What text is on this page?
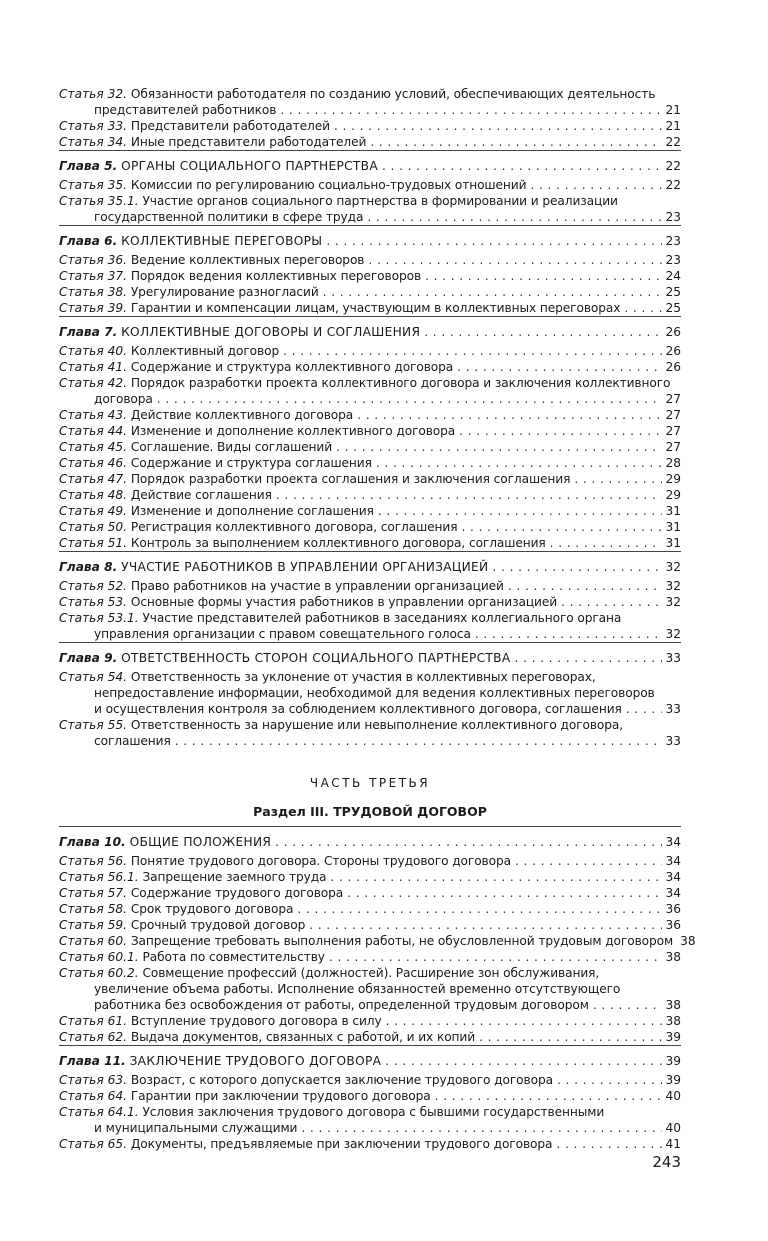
Статья 32.
Обязанности работодателя по созданию условий, обеспечивающих деятельность
представителей работников . . .	21
Статья 33.
Представители работодателей . . .	21
Статья 34.
Иные представители работодателей . . .	22
Глава 5.
ОРГАНЫ СОЦИАЛЬНОГО ПАРТНЕРСТВА . . .	22
Статья 35.
Комиссии по регулированию социально-трудовых отношений . . .	22
Статья 35.1.
Участие органов социального партнерства в формировании и реализации
государственной политики в сфере труда . . .	23
Глава 6.
КОЛЛЕКТИВНЫЕ ПЕРЕГОВОРЫ . . .	23
Статья 36.
Ведение коллективных переговоров . . .	23
Статья 37.
Порядок ведения коллективных переговоров . . .	24
Статья 38.
Урегулирование разногласий . . .	25
Статья 39.
Гарантии и компенсации лицам, участвующим в коллективных переговорах . . .	25
Глава 7.
КОЛЛЕКТИВНЫЕ ДОГОВОРЫ И СОГЛАШЕНИЯ . . .	26
Статья 40.
Коллективный договор . . .	26
Статья 41.
Содержание и структура коллективного договора . . .	26
Статья 42.
Порядок разработки проекта коллективного договора и заключения коллективного
договора . . .	27
Статья 43.
Действие коллективного договора . . .	27
Статья 44.
Изменение и дополнение коллективного договора . . .	27
Статья 45.
Соглашение. Виды соглашений . . .	27
Статья 46.
Содержание и структура соглашения . . .	28
Статья 47.
Порядок разработки проекта соглашения и заключения соглашения . . .	29
Статья 48.
Действие соглашения . . .	29
Статья 49.
Изменение и дополнение соглашения . . .	31
Статья 50.
Регистрация коллективного договора, соглашения . . .	31
Статья 51.
Контроль за выполнением коллективного договора, соглашения . . .	31
Глава 8.
УЧАСТИЕ РАБОТНИКОВ В УПРАВЛЕНИИ ОРГАНИЗАЦИЕЙ . . .	32
Статья 52.
Право работников на участие в управлении организацией . . .	32
Статья 53.
Основные формы участия работников в управлении организацией . . .	32
Статья 53.1.
Участие представителей работников в заседаниях коллегиального органа
управления организации с правом совещательного голоса . . .	32
Глава 9.
ОТВЕТСТВЕННОСТЬ СТОРОН СОЦИАЛЬНОГО ПАРТНЕРСТВА . . .	33
Статья 54.
Ответственность за уклонение от участия в коллективных переговорах,
непредоставление информации, необходимой для ведения коллективных переговоров
и осуществления контроля за соблюдением коллективного договора, соглашения . . .	33
Статья 55.
Ответственность за нарушение или невыполнение коллективного договора,
соглашения . . .	33
ЧАСТЬ ТРЕТЬЯ
Раздел III. ТРУДОВОЙ ДОГОВОР
Глава 10.
ОБЩИЕ ПОЛОЖЕНИЯ . . .	34
Статья 56.
Понятие трудового договора. Стороны трудового договора . . .	34
Статья 56.1.
Запрещение заемного труда . . .	34
Статья 57.
Содержание трудового договора . . .	34
Статья 58.
Срок трудового договора . . .	36
Статья 59.
Срочный трудовой договор . . .	36
Статья 60.
Запрещение требовать выполнения работы, не обусловленной трудовым договором 38
Статья 60.1.
Работа по совместительству . . .	38
Статья 60.2.
Совмещение профессий (должностей). Расширение зон обслуживания,
увеличение объема работы. Исполнение обязанностей временно отсутствующего
работника без освобождения от работы, определенной трудовым договором . . .	38
Статья 61.
Вступление трудового договора в силу . . .	38
Статья 62.
Выдача документов, связанных с работой, и их копий . . .	39
Глава 11.
ЗАКЛЮЧЕНИЕ ТРУДОВОГО ДОГОВОРА . . .	39
Статья 63.
Возраст, с которого допускается заключение трудового договора . . .	39
Статья 64.
Гарантии при заключении трудового договора . . .	40
Статья 64.1.
Условия заключения трудового договора с бывшими государственными
и муниципальными служащими . . .	40
Статья 65.
Документы, предъявляемые при заключении трудового договора . . .	41
243
